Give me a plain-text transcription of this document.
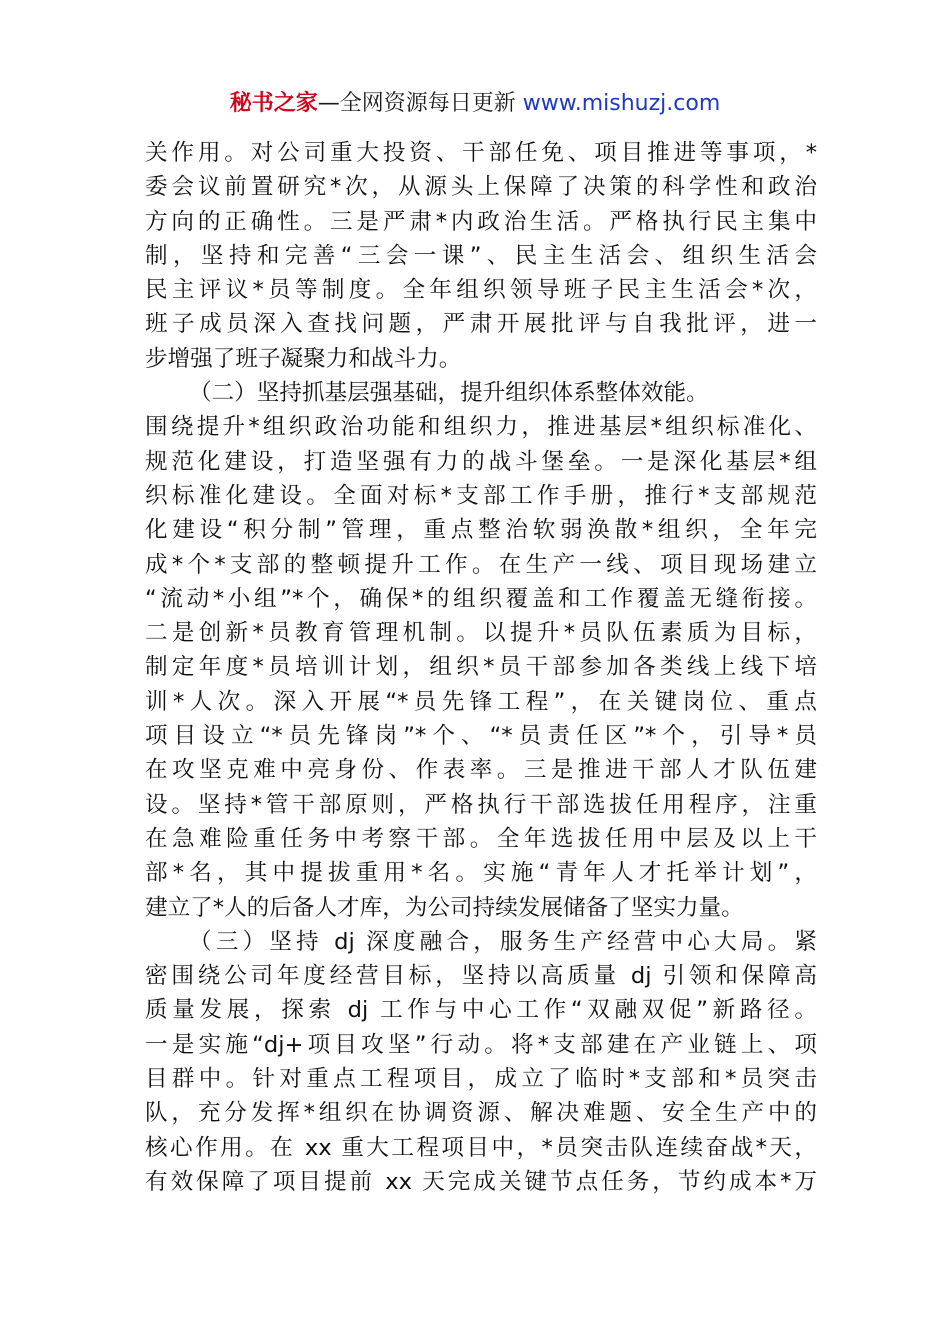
秘书之家—全网资源每日更新 www.mishuzj.com
关作用。对公司重大投资、干部任免、项目推进等事项，*
委会议前置研究*次，从源头上保障了决策的科学性和政治
方向的正确性。三是严肃*内政治生活。严格执行民主集中
制，坚持和完善“三会一课”、民主生活会、组织生活会
民主评议*员等制度。全年组织领导班子民主生活会*次，
班子成员深入查找问题，严肃开展批评与自我批评，进一
步增强了班子凝聚力和战斗力。
（二）坚持抓基层强基础，提升组织体系整体效能。
围绕提升*组织政治功能和组织力，推进基层*组织标准化、
规范化建设，打造坚强有力的战斗堡垒。一是深化基层*组
织标准化建设。全面对标*支部工作手册，推行*支部规范
化建设“积分制”管理，重点整治软弱涣散*组织，全年完
成*个*支部的整顿提升工作。在生产一线、项目现场建立
“流动*小组”*个，确保*的组织覆盖和工作覆盖无缝衔接。
二是创新*员教育管理机制。以提升*员队伍素质为目标，
制定年度*员培训计划，组织*员干部参加各类线上线下培
训*人次。深入开展“*员先锋工程”，在关键岗位、重点
项目设立“*员先锋岗”*个、“*员责任区”*个，引导*员
在攻坚克难中亮身份、作表率。三是推进干部人才队伍建
设。坚持*管干部原则，严格执行干部选拔任用程序，注重
在急难险重任务中考察干部。全年选拔任用中层及以上干
部*名，其中提拔重用*名。实施“青年人才托举计划”，
建立了*人的后备人才库，为公司持续发展储备了坚实力量。
（三）坚持 dj 深度融合，服务生产经营中心大局。紧
密围绕公司年度经营目标，坚持以高质量 dj 引领和保障高
质量发展，探索 dj 工作与中心工作“双融双促”新路径。
一是实施“dj+项目攻坚”行动。将*支部建在产业链上、项
目群中。针对重点工程项目，成立了临时*支部和*员突击
队，充分发挥*组织在协调资源、解决难题、安全生产中的
核心作用。在 xx 重大工程项目中，*员突击队连续奋战*天，
有效保障了项目提前 xx 天完成关键节点任务，节约成本*万
